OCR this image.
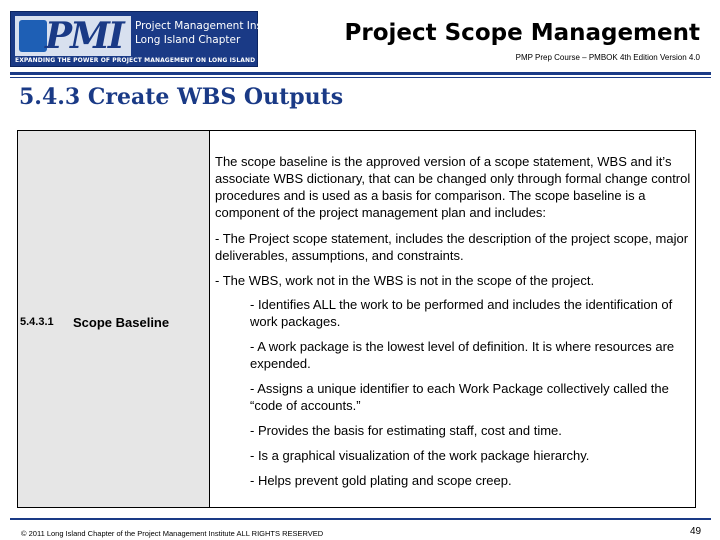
PMI Project Management Institute
Long Island Chapter
EXPANDING THE POWER OF PROJECT MANAGEMENT ON LONG ISLAND
Project Scope Management
PMP Prep Course – PMBOK 4th Edition Version 4.0
5.4.3 Create WBS Outputs
5.4.3.1 Scope Baseline
The scope baseline is the approved version of a scope statement, WBS and it’s associate WBS dictionary, that can be changed only through formal change control procedures and is used as a basis for comparison. The scope baseline is a component of the project management plan and includes:
- The Project scope statement, includes the description of the project scope, major deliverables, assumptions, and constraints.
- The WBS, work not in the WBS is not in the scope of the project.
- Identifies ALL the work to be performed and includes the identification of work packages.
- A work package is the lowest level of definition. It is where resources are expended.
- Assigns a unique identifier to each Work Package collectively called the “code of accounts.”
- Provides the basis for estimating staff, cost and time.
- Is a graphical visualization of the work package hierarchy.
- Helps prevent gold plating and scope creep.
© 2011 Long Island Chapter of the Project Management Institute ALL RIGHTS RESERVED	49
